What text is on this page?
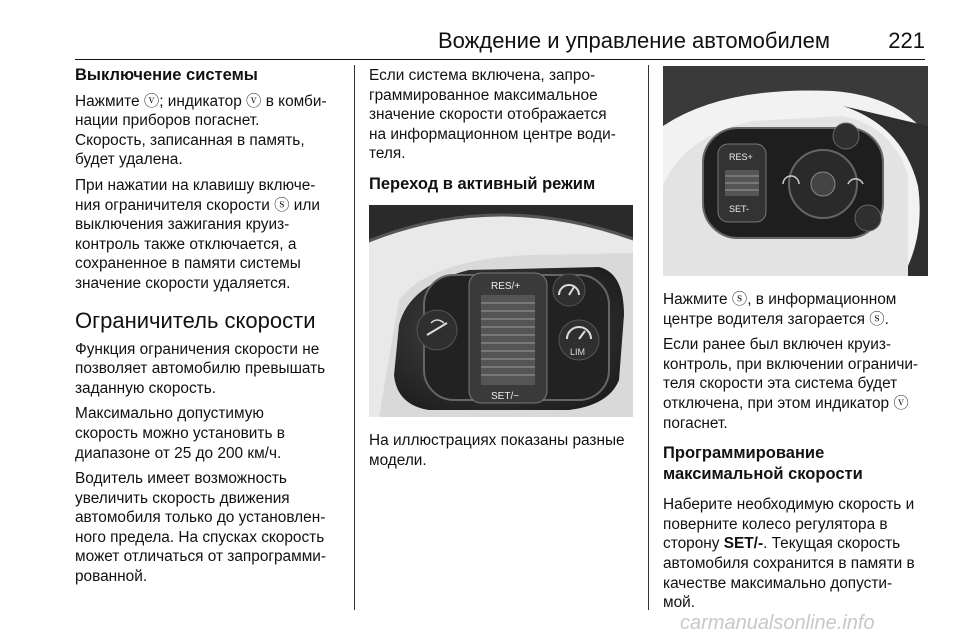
Вождение и управление автомобилем	221
Выключение системы

Нажмите ⓥ; индикатор ⓥ в комби-
нации приборов погаснет.
Скорость, записанная в память,
будет удалена.

При нажатии на клавишу включе-
ния ограничителя скорости ⓢ или
выключения зажигания круиз-
контроль также отключается, а
сохраненное в памяти системы
значение скорости удаляется.

Ограничитель скорости

Функция ограничения скорости не
позволяет автомобилю превышать
заданную скорость.

Максимально допустимую
скорость можно установить в
диапазоне от 25 до 200 км/ч.

Водитель имеет возможность
увеличить скорость движения
автомобиля только до установлен-
ного предела. На спусках скорость
может отличаться от запрограмми-
рованной.

Если система включена, запро-
граммированное максимальное
значение скорости отображается
на информационном центре води-
теля.

Переход в активный режим
RES/+
SET/−
LIM

На иллюстрациях показаны разные
модели.

RES+
SET-

Нажмите ⓢ, в информационном
центре водителя загорается ⓢ.

Если ранее был включен круиз-
контроль, при включении ограничи-
теля скорости эта система будет
отключена, при этом индикатор ⓥ
погаснет.

Программирование
максимальной скорости

Наберите необходимую скорость и
поверните колесо регулятора в
сторону SET/-. Текущая скорость
автомобиля сохранится в памяти в
качестве максимально допусти-
мой.

carmanualsonline.info
